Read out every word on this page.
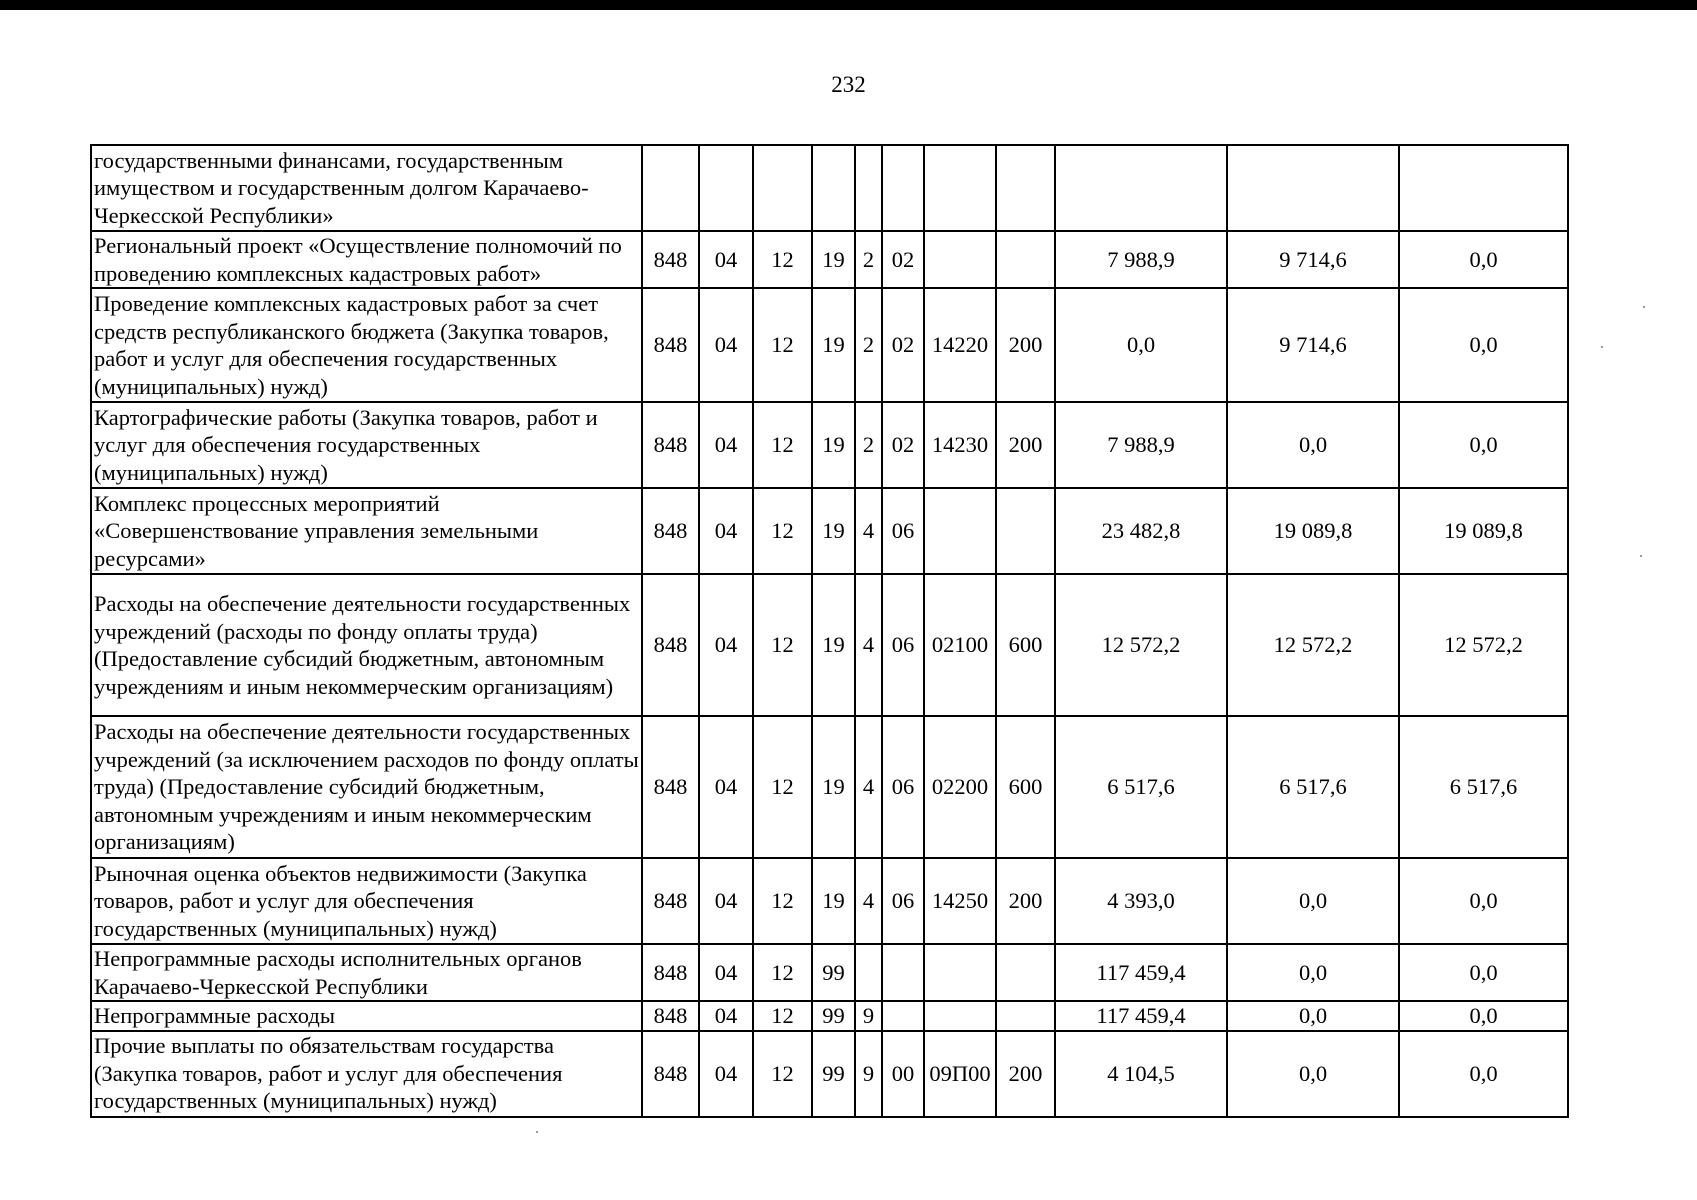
232
государственными финансами, государственным имуществом и государственным долгом Карачаево-Черкесской Республики»											
Региональный проект «Осуществление полномочий по проведению комплексных кадастровых работ»	848	04	12	19	2	02			7 988,9	9 714,6	0,0
Проведение комплексных кадастровых работ за счет средств республиканского бюджета (Закупка товаров, работ и услуг для обеспечения государственных (муниципальных) нужд)	848	04	12	19	2	02	14220	200	0,0	9 714,6	0,0
Картографические работы (Закупка товаров, работ и услуг для обеспечения государственных (муниципальных) нужд)	848	04	12	19	2	02	14230	200	7 988,9	0,0	0,0
Комплекс процессных мероприятий «Совершенствование управления земельными ресурсами»	848	04	12	19	4	06			23 482,8	19 089,8	19 089,8
Расходы на обеспечение деятельности государственных учреждений (расходы по фонду оплаты труда) (Предоставление субсидий бюджетным, автономным учреждениям и иным некоммерческим организациям)	848	04	12	19	4	06	02100	600	12 572,2	12 572,2	12 572,2
Расходы на обеспечение деятельности государственных учреждений (за исключением расходов по фонду оплаты труда) (Предоставление субсидий бюджетным, автономным учреждениям и иным некоммерческим организациям)	848	04	12	19	4	06	02200	600	6 517,6	6 517,6	6 517,6
Рыночная оценка объектов недвижимости (Закупка товаров, работ и услуг для обеспечения государственных (муниципальных) нужд)	848	04	12	19	4	06	14250	200	4 393,0	0,0	0,0
Непрограммные расходы исполнительных органов Карачаево-Черкесской Республики	848	04	12	99					117 459,4	0,0	0,0
Непрограммные расходы	848	04	12	99	9				117 459,4	0,0	0,0
Прочие выплаты по обязательствам государства (Закупка товаров, работ и услуг для обеспечения государственных (муниципальных) нужд)	848	04	12	99	9	00	09П00	200	4 104,5	0,0	0,0
